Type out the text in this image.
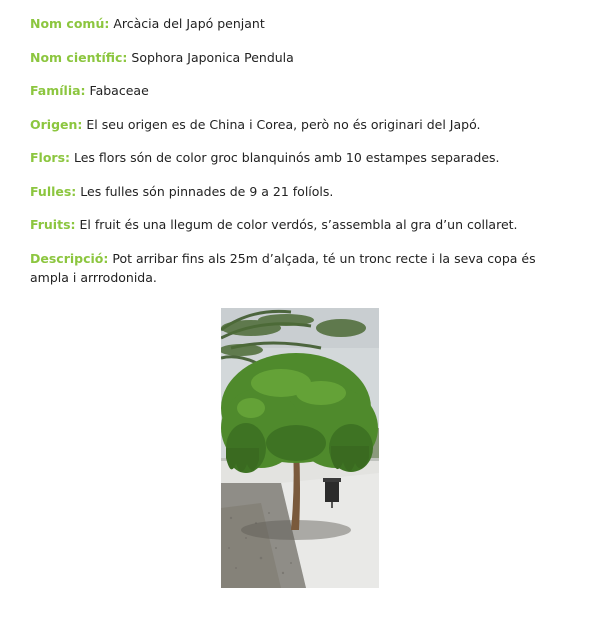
Nom comú: Arcàcia del Japó penjant

Nom científic: Sophora Japonica Pendula

Família: Fabaceae

Origen: El seu origen es de China i Corea, però no és originari del Japó.

Flors: Les flors són de color groc blanquinós amb 10 estampes separades.

Fulles: Les fulles són pinnades de 9 a 21 folíols.

Fruits: El fruit és una llegum de color verdós, s’assembla al gra d’un collaret.

Descripció: Pot arribar fins als 25m d’alçada, té un tronc recte i la seva copa és ampla i arrrodonida.
